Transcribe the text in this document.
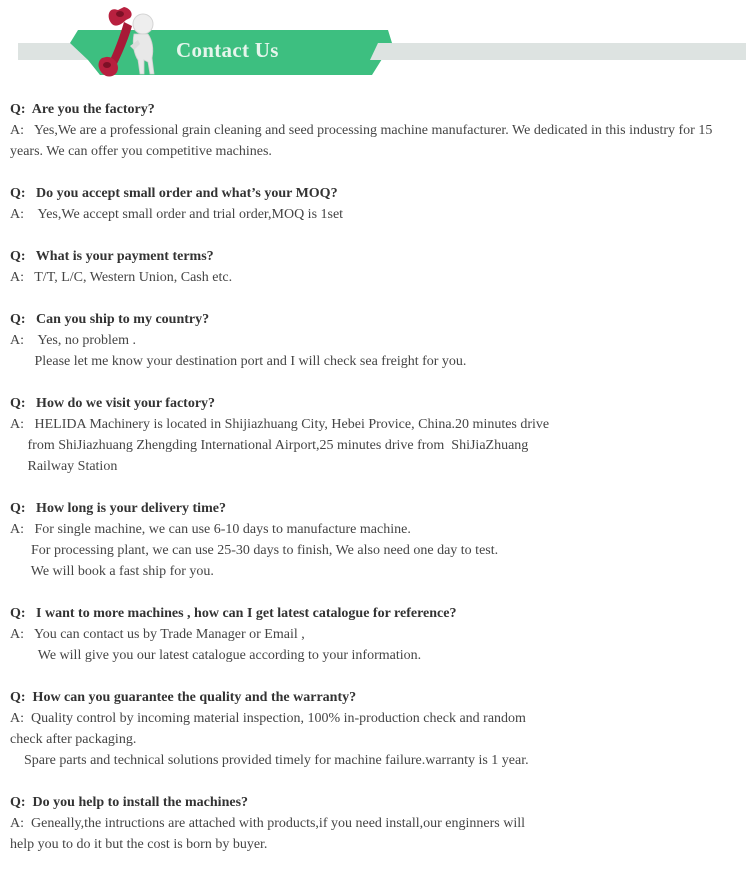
Contact Us
Q:  Are you the factory?
A:   Yes,We are a professional grain cleaning and seed processing machine manufacturer. We dedicated in this industry for 15
years. We can offer you competitive machines.
Q:   Do you accept small order and what’s your MOQ?
A:    Yes,We accept small order and trial order,MOQ is 1set
Q:   What is your payment terms?
A:   T/T, L/C, Western Union, Cash etc.
Q:   Can you ship to my country?
A:    Yes, no problem .
Please let me know your destination port and I will check sea freight for you.
Q:   How do we visit your factory?
A:   HELIDA Machinery is located in Shijiazhuang City, Hebei Provice, China.20 minutes drive
from ShiJiazhuang Zhengding International Airport,25 minutes drive from  ShiJiaZhuang
Railway Station
Q:   How long is your delivery time?
A:   For single machine, we can use 6-10 days to manufacture machine.
For processing plant, we can use 25-30 days to finish, We also need one day to test.
We will book a fast ship for you.
Q:   I want to more machines , how can I get latest catalogue for reference?
A:   You can contact us by Trade Manager or Email ,
We will give you our latest catalogue according to your information.
Q:  How can you guarantee the quality and the warranty?
A:  Quality control by incoming material inspection, 100% in-production check and random
check after packaging.
Spare parts and technical solutions provided timely for machine failure.warranty is 1 year.
Q:  Do you help to install the machines?
A:  Geneally,the intructions are attached with products,if you need install,our enginners will
help you to do it but the cost is born by buyer.
